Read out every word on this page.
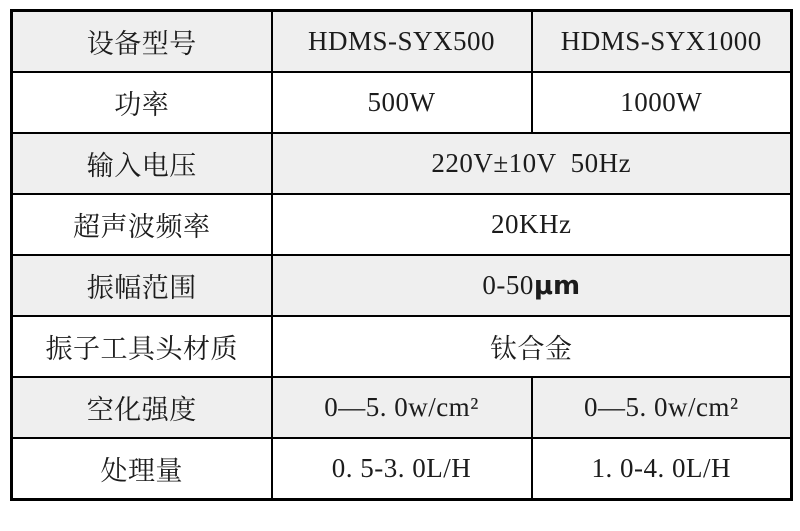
设备型号	HDMS-SYX500	HDMS-SYX1000
功率	500W	1000W
输入电压	220V±10V  50Hz	
超声波频率	20KHz	
振幅范围	0-50μm	
振子工具头材质	钛合金	
空化强度	0—5. 0w/cm²	0—5. 0w/cm²
处理量	0. 5-3. 0L/H	1. 0-4. 0L/H
